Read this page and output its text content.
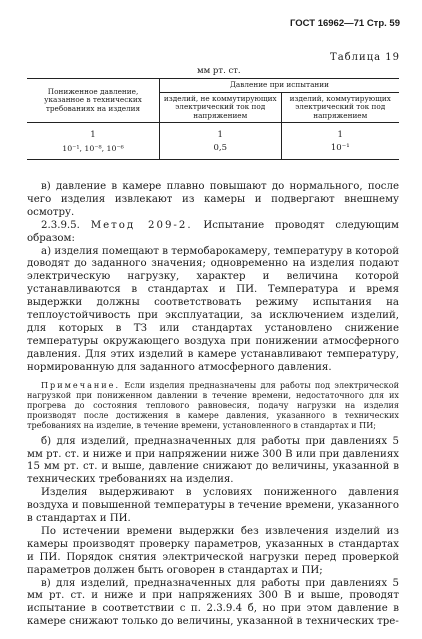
ГОСТ 16962—71 Стр. 59
Таблица 19
мм рт. ст.
Пониженное давление, указанное в технических требованиях на изделия	Давление при испытании	
	изделий, не коммутирующих электрический ток под напряжением	изделий, коммутирующих электрический ток под напряжением
1	1	1
10⁻¹, 10⁻⁸, 10⁻⁶	0,5	10⁻¹

в) давление в камере плавно повышают до нормального, после чего изделия извлекают из камеры и подвергают внешнему осмотру.

2.3.9.5. Метод 209-2. Испытание проводят следующим образом:

а) изделия помещают в термобарокамеру, температуру в которой доводят до заданного значения; одновременно на изделия подают электрическую нагрузку, характер и величина которой устанавливаются в стандартах и ПИ. Температура и время выдержки должны соответствовать режиму испытания на теплоустойчивость при эксплуатации, за исключением изделий, для которых в ТЗ или стандартах установлено снижение температуры окружающего воздуха при понижении атмосферного давления. Для этих изделий в камере устанавливают температуру, нормированную для заданного атмосферного давления.

Примечание. Если изделия предназначены для работы под электрической нагрузкой при пониженном давлении в течение времени, недостаточного для их прогрева до состояния теплового равновесия, подачу нагрузки на изделия производят после достижения в камере давления, указанного в технических требованиях на изделие, в течение времени, установленного в стандартах и ПИ;

б) для изделий, предназначенных для работы при давлениях 5 мм рт. ст. и ниже и при напряжении ниже 300 В или при давлениях 15 мм рт. ст. и выше, давление снижают до величины, указанной в технических требованиях на изделия.

Изделия выдерживают в условиях пониженного давления воздуха и повышенной температуры в течение времени, указанного в стандартах и ПИ.

По истечении времени выдержки без извлечения изделий из камеры производят проверку параметров, указанных в стандартах и ПИ. Порядок снятия электрической нагрузки перед проверкой параметров должен быть оговорен в стандартах и ПИ;

в) для изделий, предназначенных для работы при давлениях 5 мм рт. ст. и ниже и при напряжениях 300 В и выше, проводят испытание в соответствии с п. 2.3.9.4 б, но при этом давление в камере снижают только до величины, указанной в технических тре-
